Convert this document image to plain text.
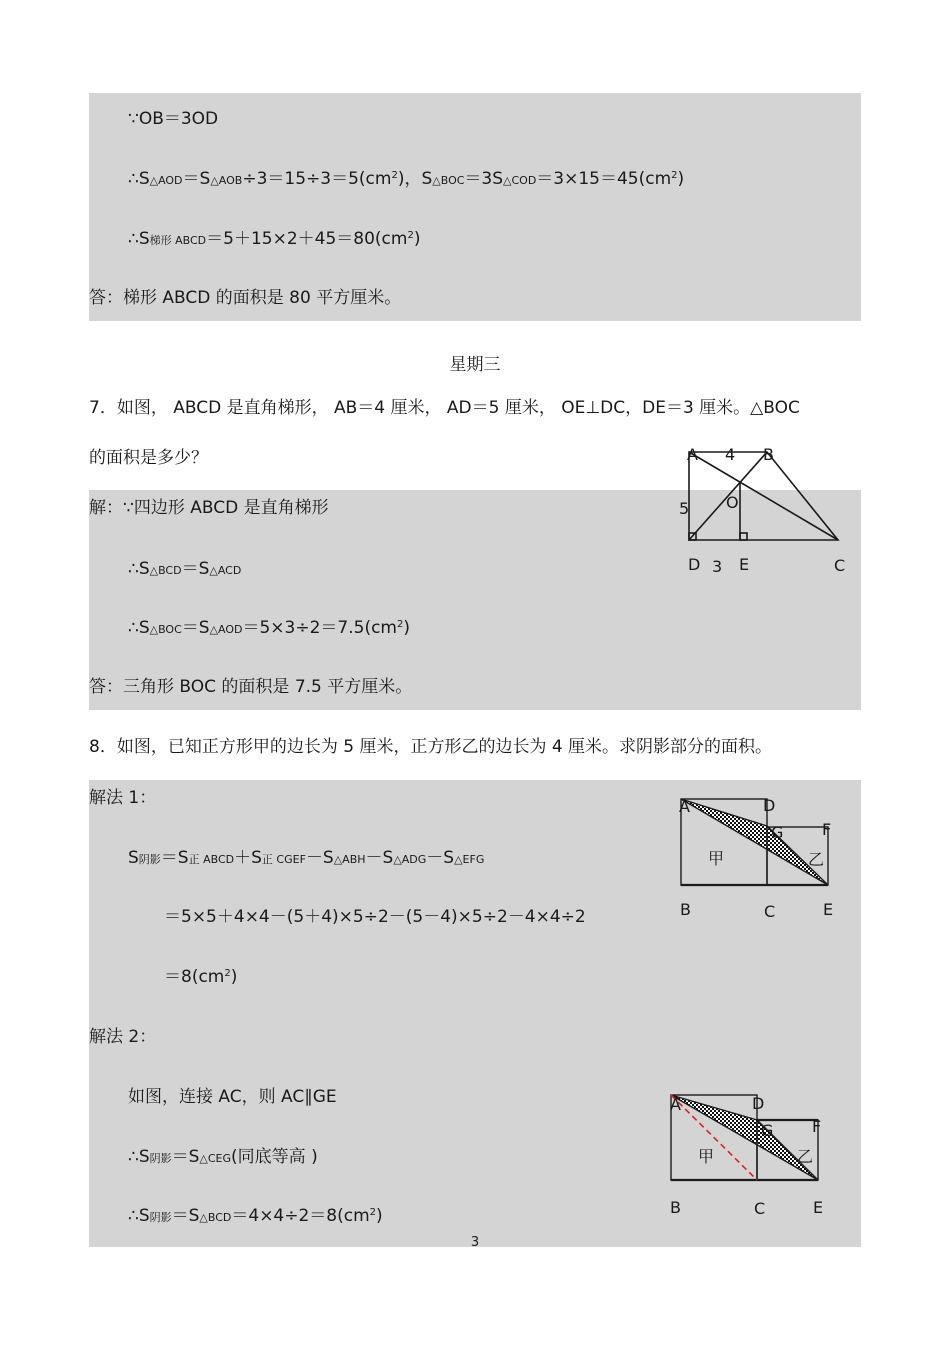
∵OB＝3OD
$\therefore S\triangle AOD=S\triangle AOB\div 3=15\div 3=5(cm^2)$，$S\triangle BOC=3S\triangle COD=3\times 15=45(cm^2)$
∴S梯形 $ABCD=5+15\times 2+45=80(cm^2)$
答：梯形 ABCD 的面积是 80 平方厘米。
星期三
7．如图， ABCD 是直角梯形， AB＝4 厘米， AD＝5 厘米， OE⊥DC，DE＝3 厘米。△BOC
的面积是多少？
解：∵四边形 ABCD 是直角梯形
∴S△BCD＝S△ACD
$\therefore S\triangle BOC=S\triangle AOD=5\times 3\div 2=7.5(cm^2)$
答：三角形 BOC 的面积是 7.5 平方厘米。
8．如图，已知正方形甲的边长为 5 厘米，正方形乙的边长为 4 厘米。求阴影部分的面积。
解法 1：
S阴影＝S正 ABCD＋S正 CGEF－S△ABH－S△ADG－S△EFG
＝5×5＋4×4－(5＋4)×5÷2－(5－4)×5÷2－4×4÷2
$=8(cm^2)$
解法 2：
如图，连接 AC，则 AC∥GE
∴S阴影＝S△CEG(同底等高 )
∴S阴影$=S\triangle BCD=4\times 4\div 2=8(cm^2)$
3
A 4 B
O
5
D 3 E	C
A	D
G F
甲	乙
B	C	E
A	D
G F
甲	乙
B	C	E
